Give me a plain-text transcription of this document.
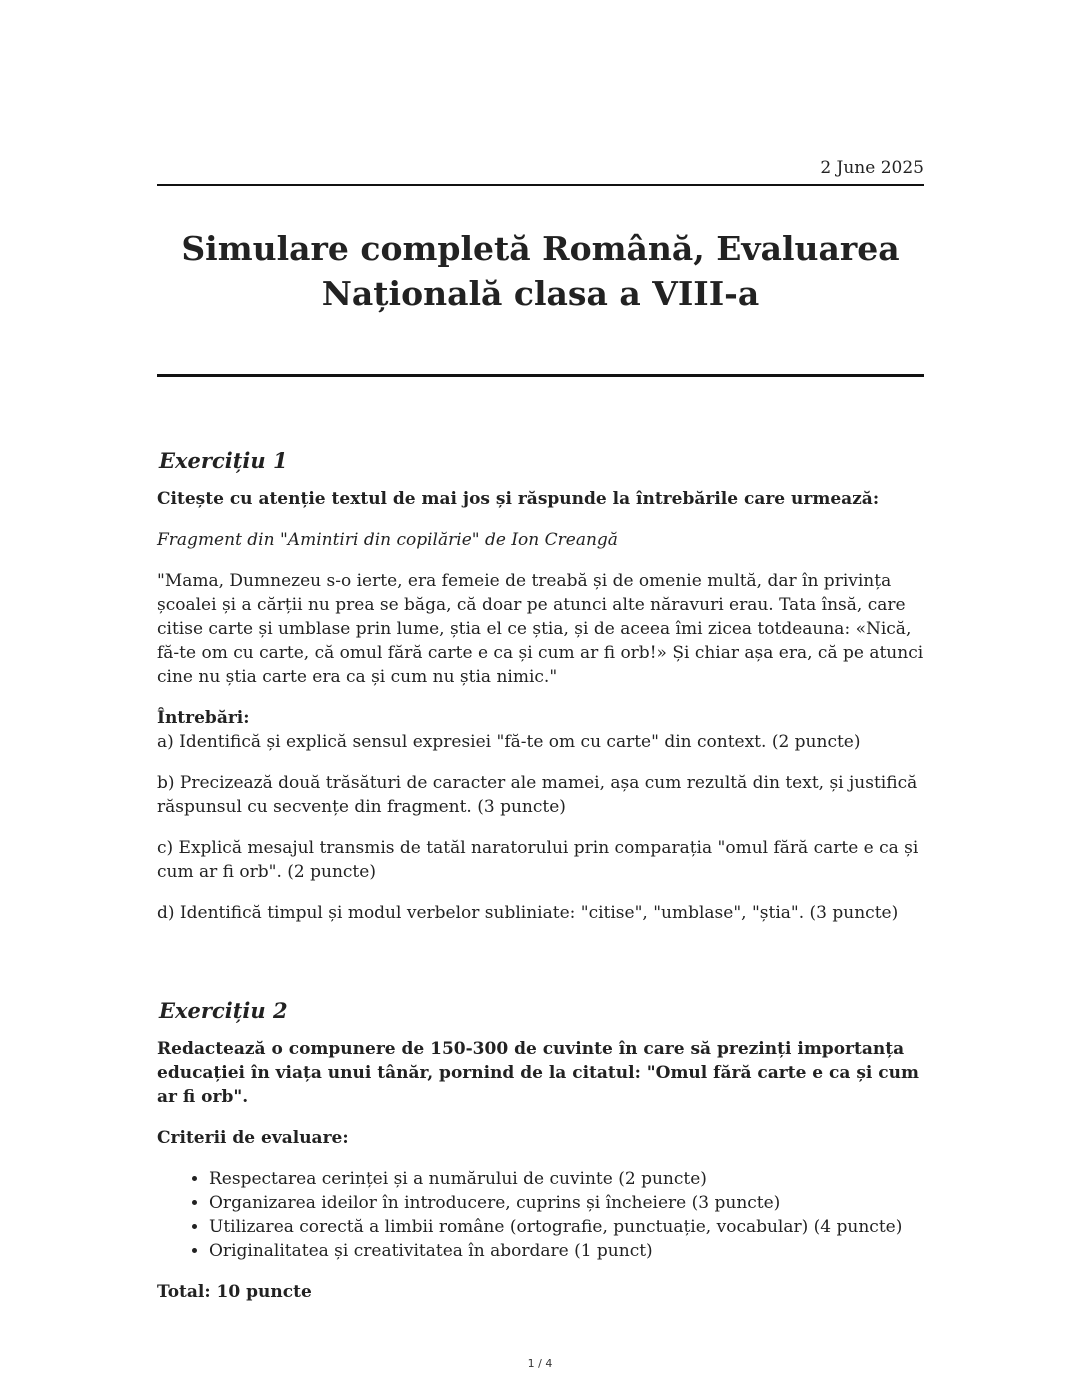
2 June 2025
Simulare completă Română, Evaluarea Națională clasa a VIII-a
Exercițiu 1

Citește cu atenție textul de mai jos și răspunde la întrebările care urmează:

Fragment din "Amintiri din copilărie" de Ion Creangă

"Mama, Dumnezeu s-o ierte, era femeie de treabă și de omenie multă, dar în privința școalei și a cărții nu prea se băga, că doar pe atunci alte năravuri erau. Tata însă, care citise carte și umblase prin lume, știa el ce știa, și de aceea îmi zicea totdeauna: «Nică, fă-te om cu carte, că omul fără carte e ca și cum ar fi orb!» Și chiar așa era, că pe atunci cine nu știa carte era ca și cum nu știa nimic."

Întrebări:

a) Identifică și explică sensul expresiei "fă-te om cu carte" din context. (2 puncte)

b) Precizează două trăsături de caracter ale mamei, așa cum rezultă din text, și justifică răspunsul cu secvențe din fragment. (3 puncte)

c) Explică mesajul transmis de tatăl naratorului prin comparația "omul fără carte e ca și cum ar fi orb". (2 puncte)

d) Identifică timpul și modul verbelor subliniate: "citise", "umblase", "știa". (3 puncte)

Exercițiu 2

Redactează o compunere de 150-300 de cuvinte în care să prezinți importanța educației în viața unui tânăr, pornind de la citatul: "Omul fără carte e ca și cum ar fi orb".

Criterii de evaluare:

• Respectarea cerinței și a numărului de cuvinte (2 puncte)
• Organizarea ideilor în introducere, cuprins și încheiere (3 puncte)
• Utilizarea corectă a limbii române (ortografie, punctuație, vocabular) (4 puncte)
• Originalitatea și creativitatea în abordare (1 punct)

Total: 10 puncte

1 / 4
